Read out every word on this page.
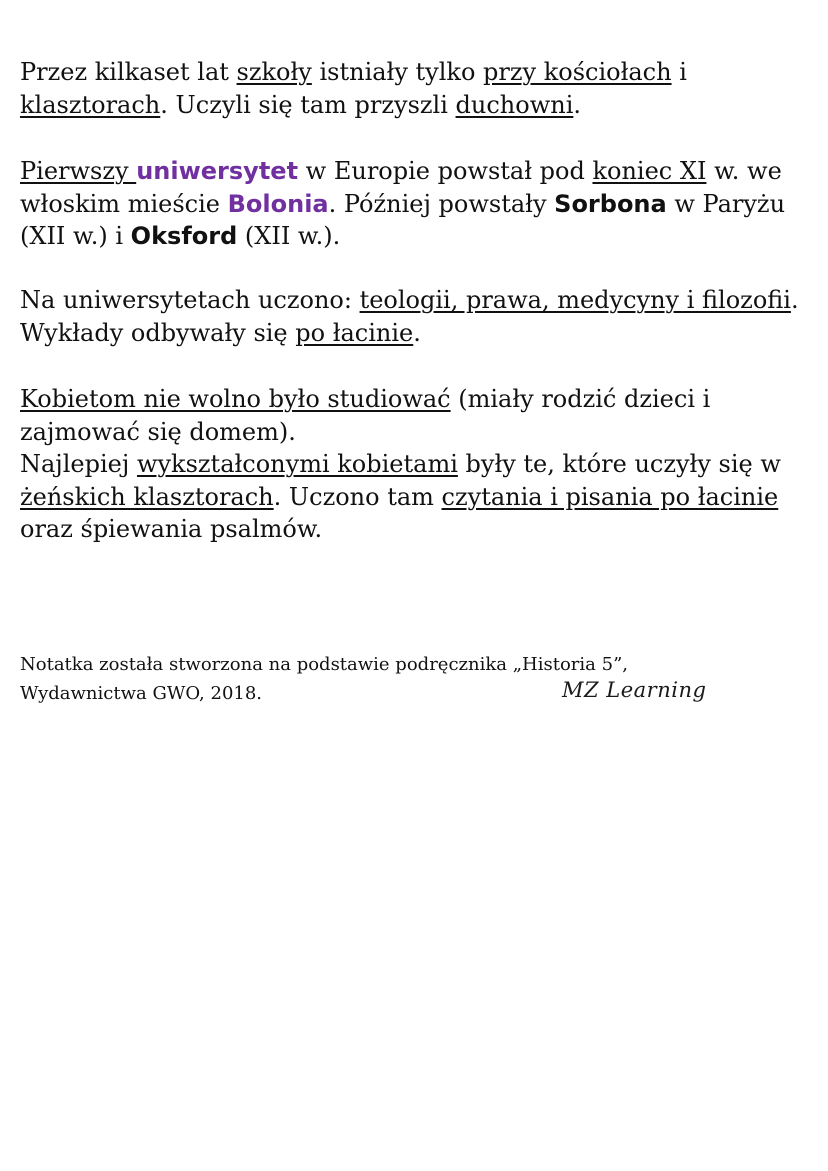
Przez kilkaset lat szkoły istniały tylko przy kościołach i klasztorach. Uczyli się tam przyszli duchowni.

Pierwszy uniwersytet w Europie powstał pod koniec XI w. we włoskim mieście Bolonia. Później powstały Sorbona w Paryżu (XII w.) i Oksford (XII w.).

Na uniwersytetach uczono: teologii, prawa, medycyny i filozofii. Wykłady odbywały się po łacinie.

Kobietom nie wolno było studiować (miały rodzić dzieci i zajmować się domem).

Najlepiej wykształconymi kobietami były te, które uczyły się w żeńskich klasztorach. Uczono tam czytania i pisania po łacinie oraz śpiewania psalmów.

Notatka została stworzona na podstawie podręcznika „Historia 5”,
Wydawnictwa GWO, 2018.	MZ Learning
